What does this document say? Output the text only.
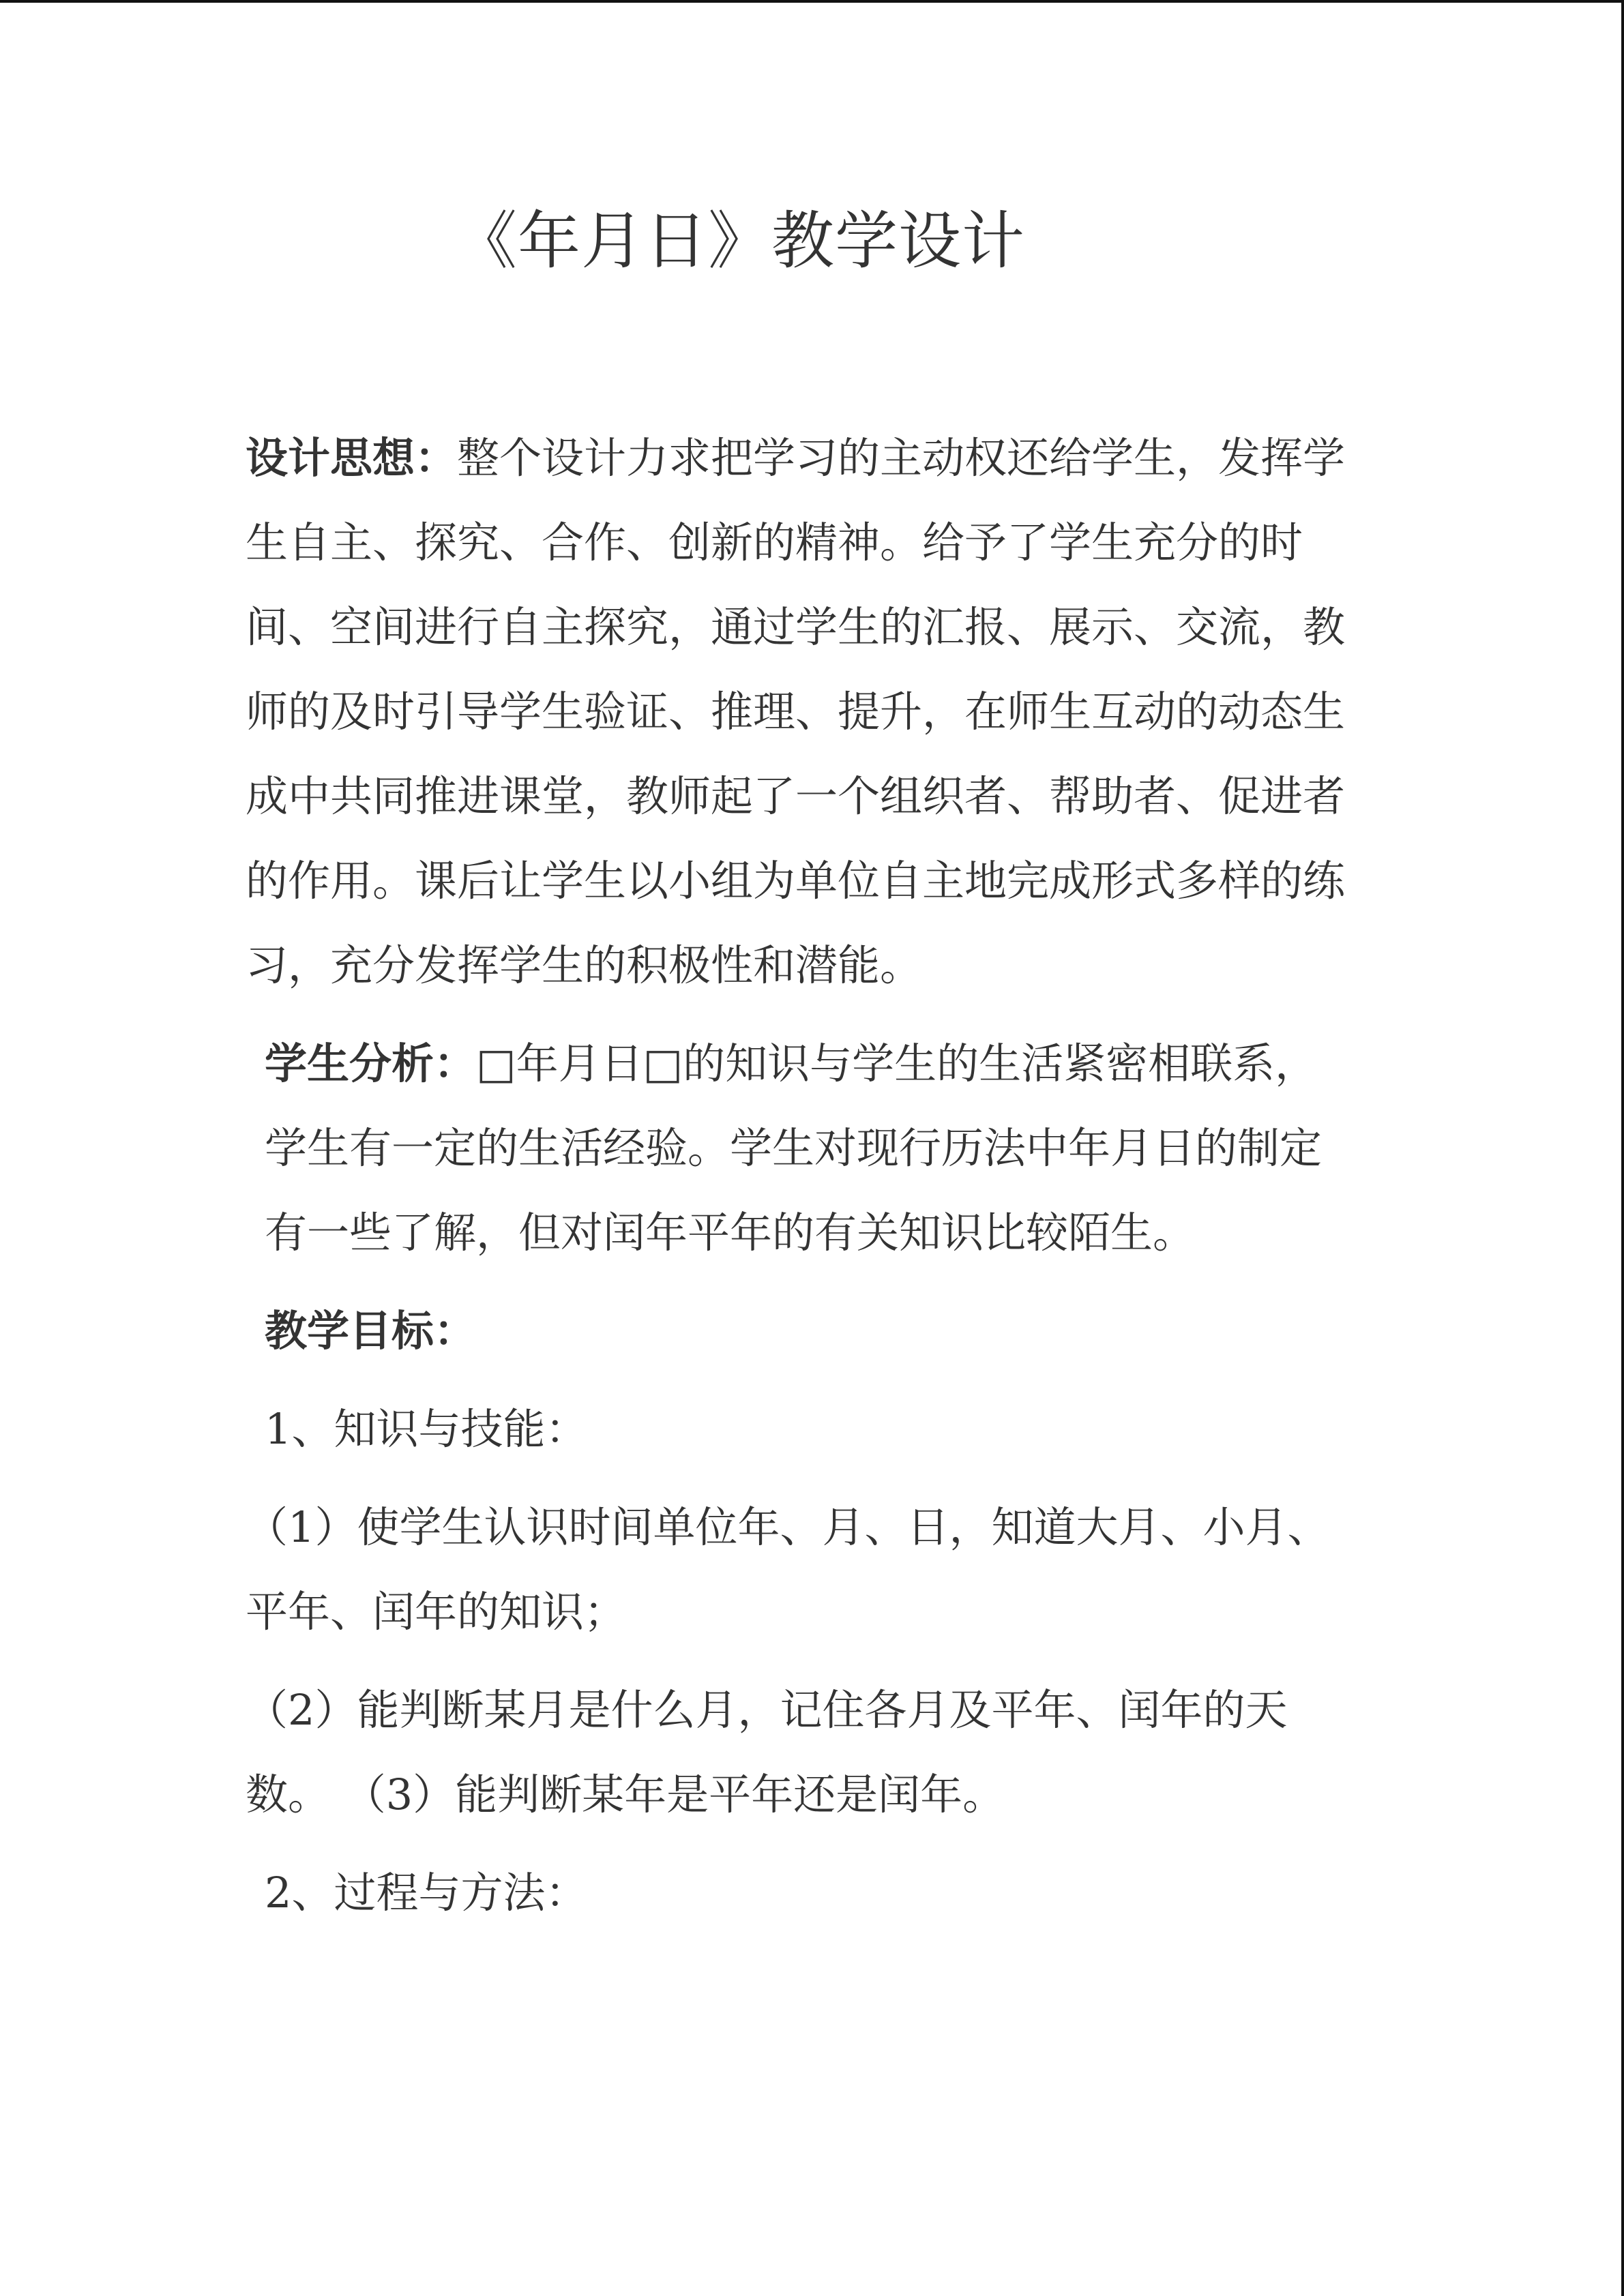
《年月日》教学设计

设计思想：整个设计力求把学习的主动权还给学生，发挥学生自主、探究、合作、创新的精神。给予了学生充分的时间、空间进行自主探究，通过学生的汇报、展示、交流，教师的及时引导学生验证、推理、提升，在师生互动的动态生成中共同推进课堂，教师起了一个组织者、帮助者、促进者的作用。课后让学生以小组为单位自主地完成形式多样的练习，充分发挥学生的积极性和潜能。

学生分析：□年月日□的知识与学生的生活紧密相联系，学生有一定的生活经验。学生对现行历法中年月日的制定有一些了解，但对闰年平年的有关知识比较陌生。

教学目标：

1、知识与技能：

（1）使学生认识时间单位年、月、日，知道大月、小月、平年、闰年的知识；

（2）能判断某月是什么月，记住各月及平年、闰年的天数。 （3）能判断某年是平年还是闰年。

2、过程与方法：
